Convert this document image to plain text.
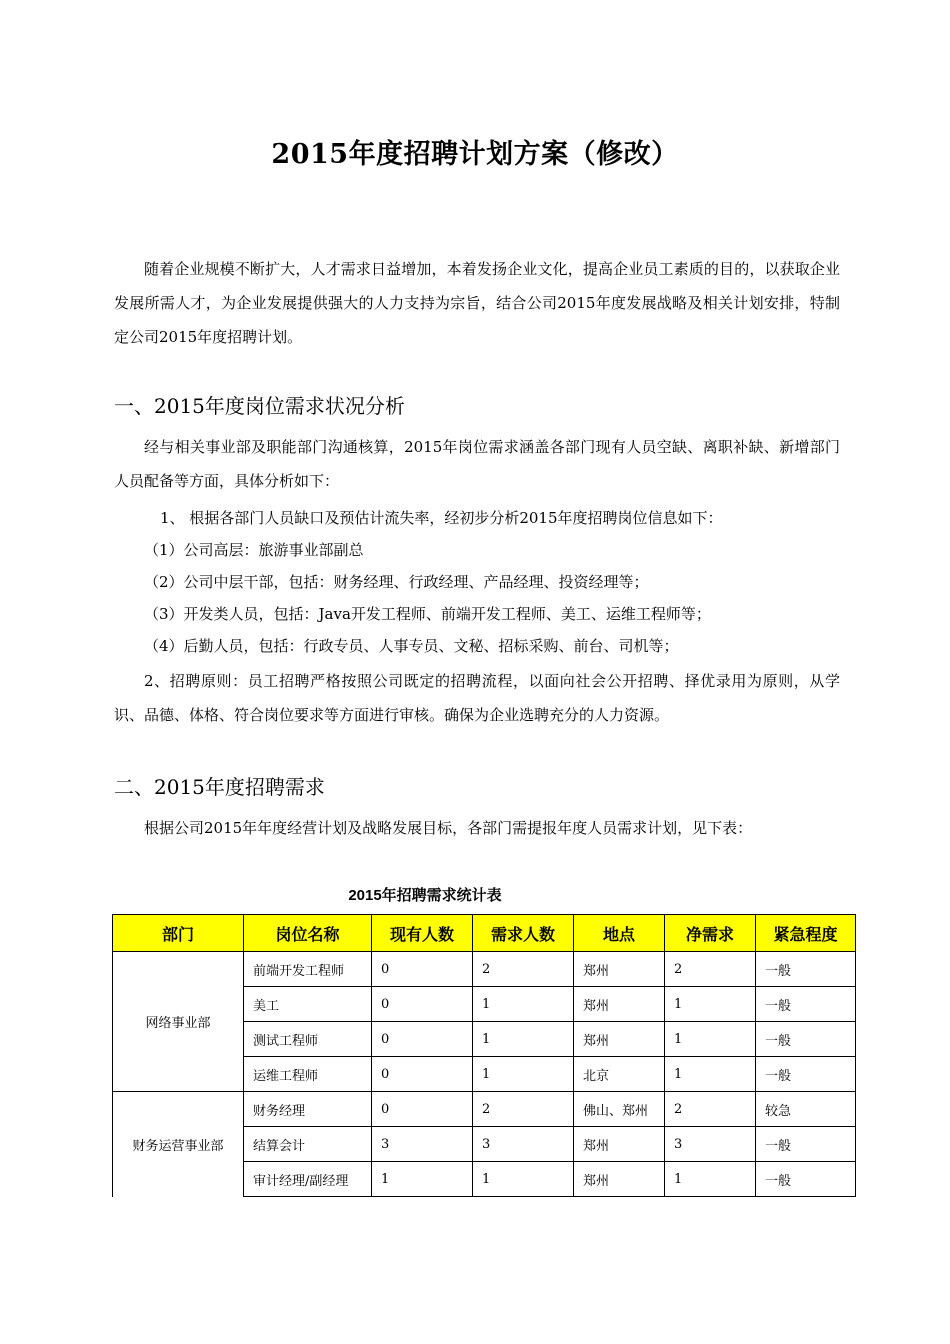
2015年度招聘计划方案（修改）
随着企业规模不断扩大，人才需求日益增加，本着发扬企业文化，提高企业员工素质的目的，以获取企业发展所需人才，为企业发展提供强大的人力支持为宗旨，结合公司2015年度发展战略及相关计划安排，特制定公司2015年度招聘计划。
一、2015年度岗位需求状况分析
经与相关事业部及职能部门沟通核算，2015年岗位需求涵盖各部门现有人员空缺、离职补缺、新增部门人员配备等方面，具体分析如下：
1、 根据各部门人员缺口及预估计流失率，经初步分析2015年度招聘岗位信息如下：
（1）公司高层：旅游事业部副总
（2）公司中层干部，包括：财务经理、行政经理、产品经理、投资经理等；
（3）开发类人员，包括：Java开发工程师、前端开发工程师、美工、运维工程师等；
（4）后勤人员，包括：行政专员、人事专员、文秘、招标采购、前台、司机等；
2、招聘原则：员工招聘严格按照公司既定的招聘流程，以面向社会公开招聘、择优录用为原则，从学识、品德、体格、符合岗位要求等方面进行审核。确保为企业选聘充分的人力资源。
二、2015年度招聘需求
根据公司2015年年度经营计划及战略发展目标，各部门需提报年度人员需求计划，见下表：
2015年招聘需求统计表
部门	岗位名称	现有人数	需求人数	地点	净需求	紧急程度
网络事业部	前端开发工程师	0	2	郑州	2	一般
	美工	0	1	郑州	1	一般
	测试工程师	0	1	郑州	1	一般
	运维工程师	0	1	北京	1	一般
财务运营事业部	财务经理	0	2	佛山、郑州	2	较急
	结算会计	3	3	郑州	3	一般
	审计经理/副经理	1	1	郑州	1	一般
